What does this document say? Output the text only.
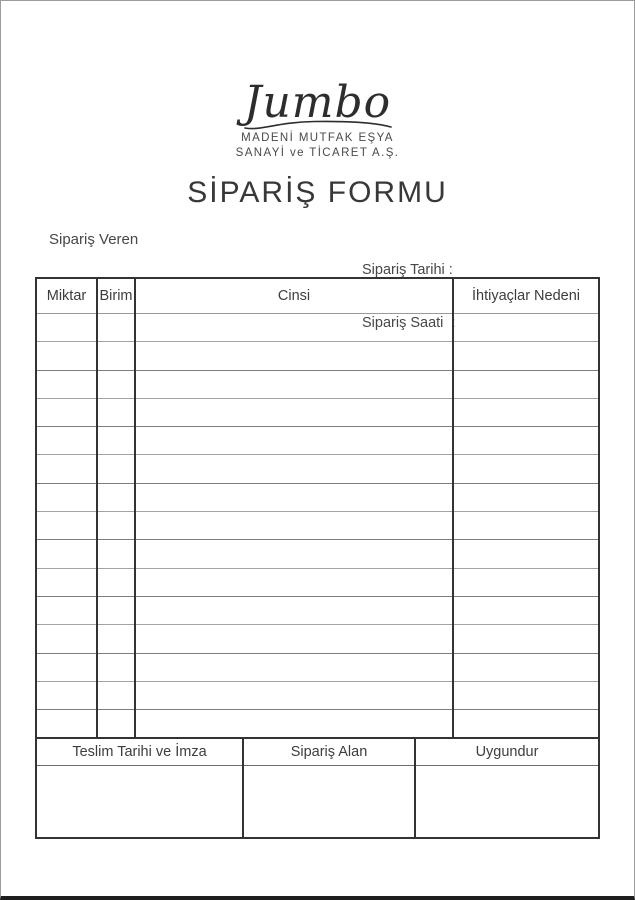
Jumbo
MADENİ MUTFAK EŞYA
SANAYİ ve TİCARET A.Ş.
SİPARİŞ FORMU
Sipariş Veren

Sipariş Tarihi :

Sipariş Saati  :

Miktar	Birim	Cinsi	İhtiyaçlar Nedeni

Teslim Tarihi ve İmza	Sipariş Alan	Uygundur
